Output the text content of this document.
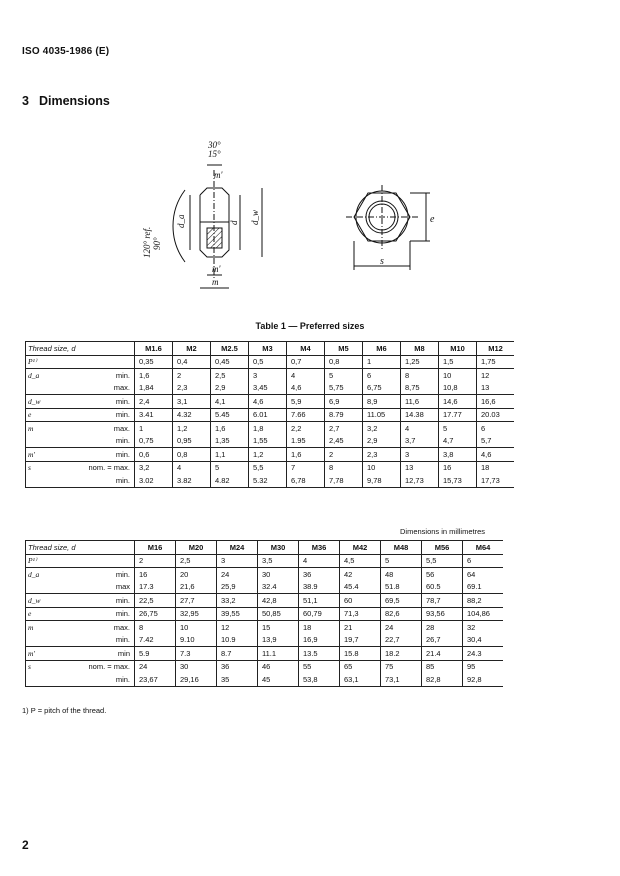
ISO 4035-1986 (E)
3 Dimensions
30°
15°
m'
120° ref. 90°
d_a	d d_w
m'
m
e
s
Table 1 — Preferred sizes
Thread size, d		M1.6	M2	M2.5	M3	M4	M5	M6	M8	M10	M12
P¹⁾		0,35	0,4	0,45	0,5	0,7	0,8	1	1,25	1,5	1,75
d_a	min.	1,6	2	2,5	3	4	5	6	8	10	12
	max.	1,84	2,3	2,9	3,45	4,6	5,75	6,75	8,75	10,8	13
d_w	min.	2,4	3,1	4,1	4,6	5,9	6,9	8,9	11,6	14,6	16,6
e	min.	3.41	4.32	5.45	6.01	7.66	8.79	11.05	14.38	17.77	20.03
m	max.	1	1,2	1,6	1,8	2,2	2,7	3,2	4	5	6
	min.	0,75	0,95	1,35	1,55	1.95	2,45	2,9	3,7	4,7	5,7
m'	min.	0,6	0,8	1,1	1,2	1,6	2	2,3	3	3,8	4,6
s	nom. = max.	3,2	4	5	5,5	7	8	10	13	16	18
	min.	3.02	3.82	4.82	5.32	6,78	7,78	9,78	12,73	15,73	17,73
Dimensions in millimetres
Thread size, d		M16	M20	M24	M30	M36	M42	M48	M56	M64
P¹⁾		2	2,5	3	3,5	4	4,5	5	5,5	6
d_a	min.	16	20	24	30	36	42	48	56	64
	max	17.3	21,6	25,9	32.4	38.9	45.4	51.8	60.5	69.1
d_w	min.	22,5	27,7	33,2	42,8	51,1	60	69,5	78,7	88,2
e	min.	26,75	32,95	39,55	50,85	60,79	71,3	82,6	93,56	104,86
m	max.	8	10	12	15	18	21	24	28	32
	min.	7.42	9.10	10.9	13,9	16,9	19,7	22,7	26,7	30,4
m'	min	5.9	7.3	8.7	11.1	13.5	15.8	18.2	21.4	24.3
s	nom. = max.	24	30	36	46	55	65	75	85	95
	min.	23,67	29,16	35	45	53,8	63,1	73,1	82,8	92,8
1) P = pitch of the thread.
2
